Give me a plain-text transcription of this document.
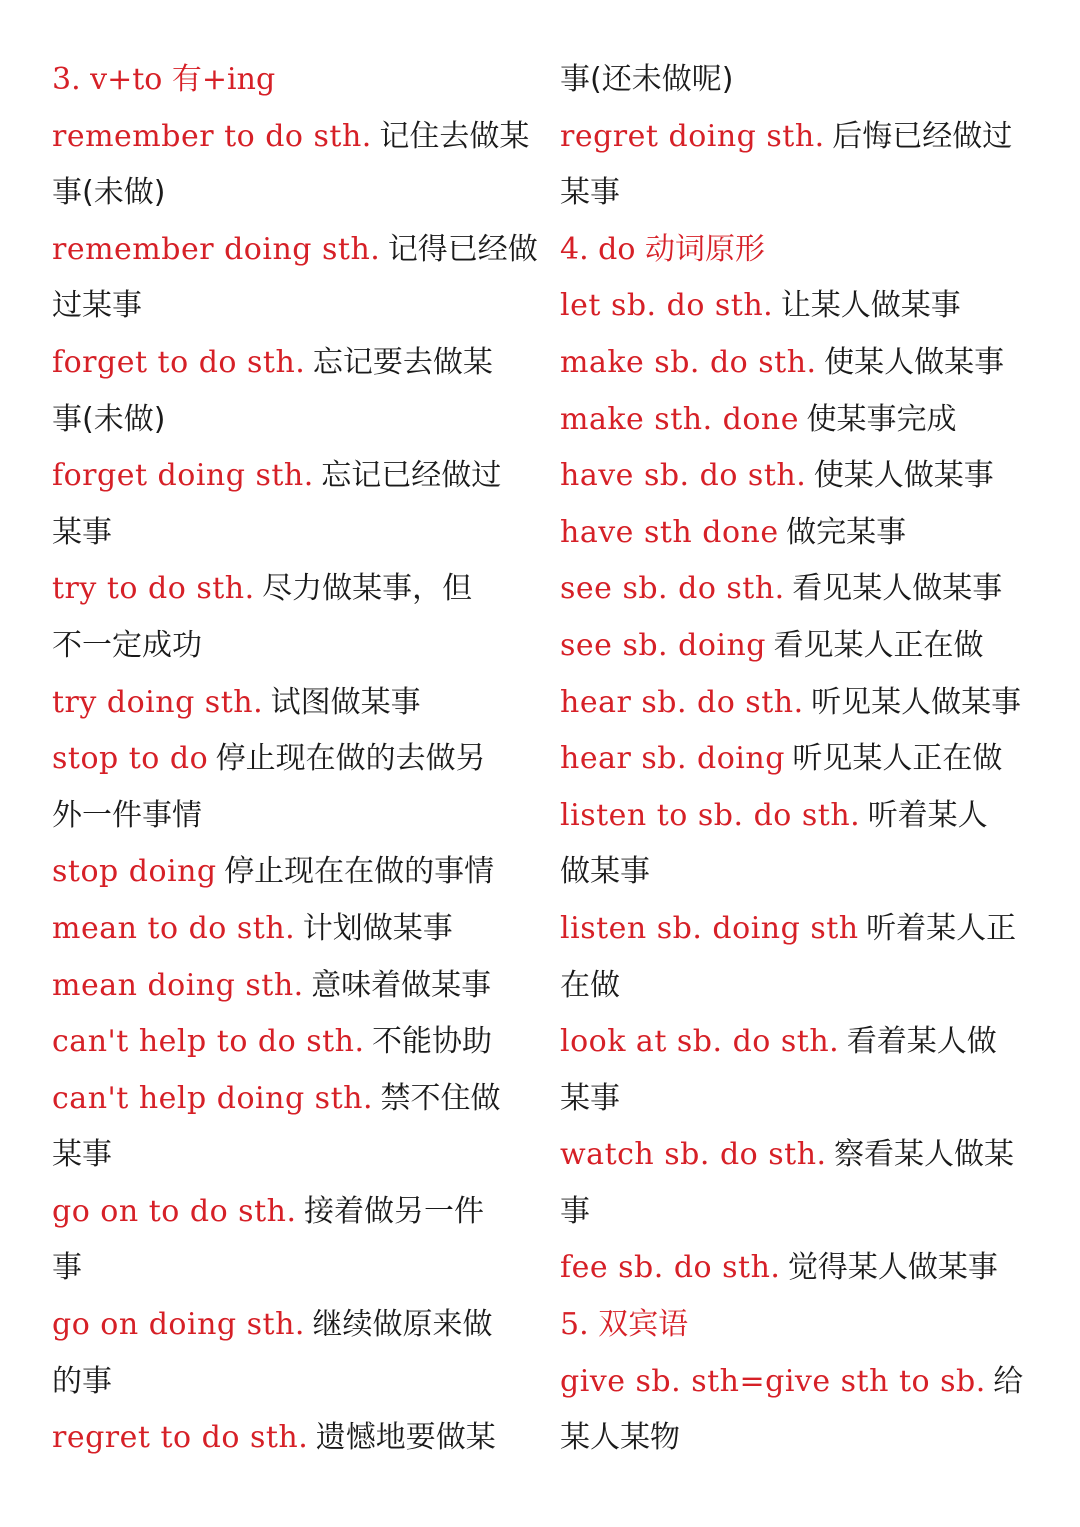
3. v+to 有+ing
remember to do sth. 记住去做某
事(未做)
remember doing sth. 记得已经做
过某事
forget to do sth. 忘记要去做某
事(未做)
forget doing sth. 忘记已经做过
某事
try to do sth. 尽力做某事，但
不一定成功
try doing sth. 试图做某事
stop to do 停止现在做的去做另
外一件事情
stop doing 停止现在在做的事情
mean to do sth. 计划做某事
mean doing sth. 意味着做某事
can't help to do sth. 不能协助
can't help doing sth. 禁不住做
某事
go on to do sth. 接着做另一件
事
go on doing sth. 继续做原来做
的事
regret to do sth. 遗憾地要做某
事(还未做呢)
regret doing sth. 后悔已经做过
某事
4. do 动词原形
let sb. do sth. 让某人做某事
make sb. do sth. 使某人做某事
make sth. done 使某事完成
have sb. do sth. 使某人做某事
have sth done 做完某事
see sb. do sth. 看见某人做某事
see sb. doing 看见某人正在做
hear sb. do sth. 听见某人做某事
hear sb. doing 听见某人正在做
listen to sb. do sth. 听着某人
做某事
listen sb. doing sth 听着某人正
在做
look at sb. do sth. 看着某人做
某事
watch sb. do sth. 察看某人做某
事
fee sb. do sth. 觉得某人做某事
5. 双宾语
give sb. sth=give sth to sb. 给
某人某物
